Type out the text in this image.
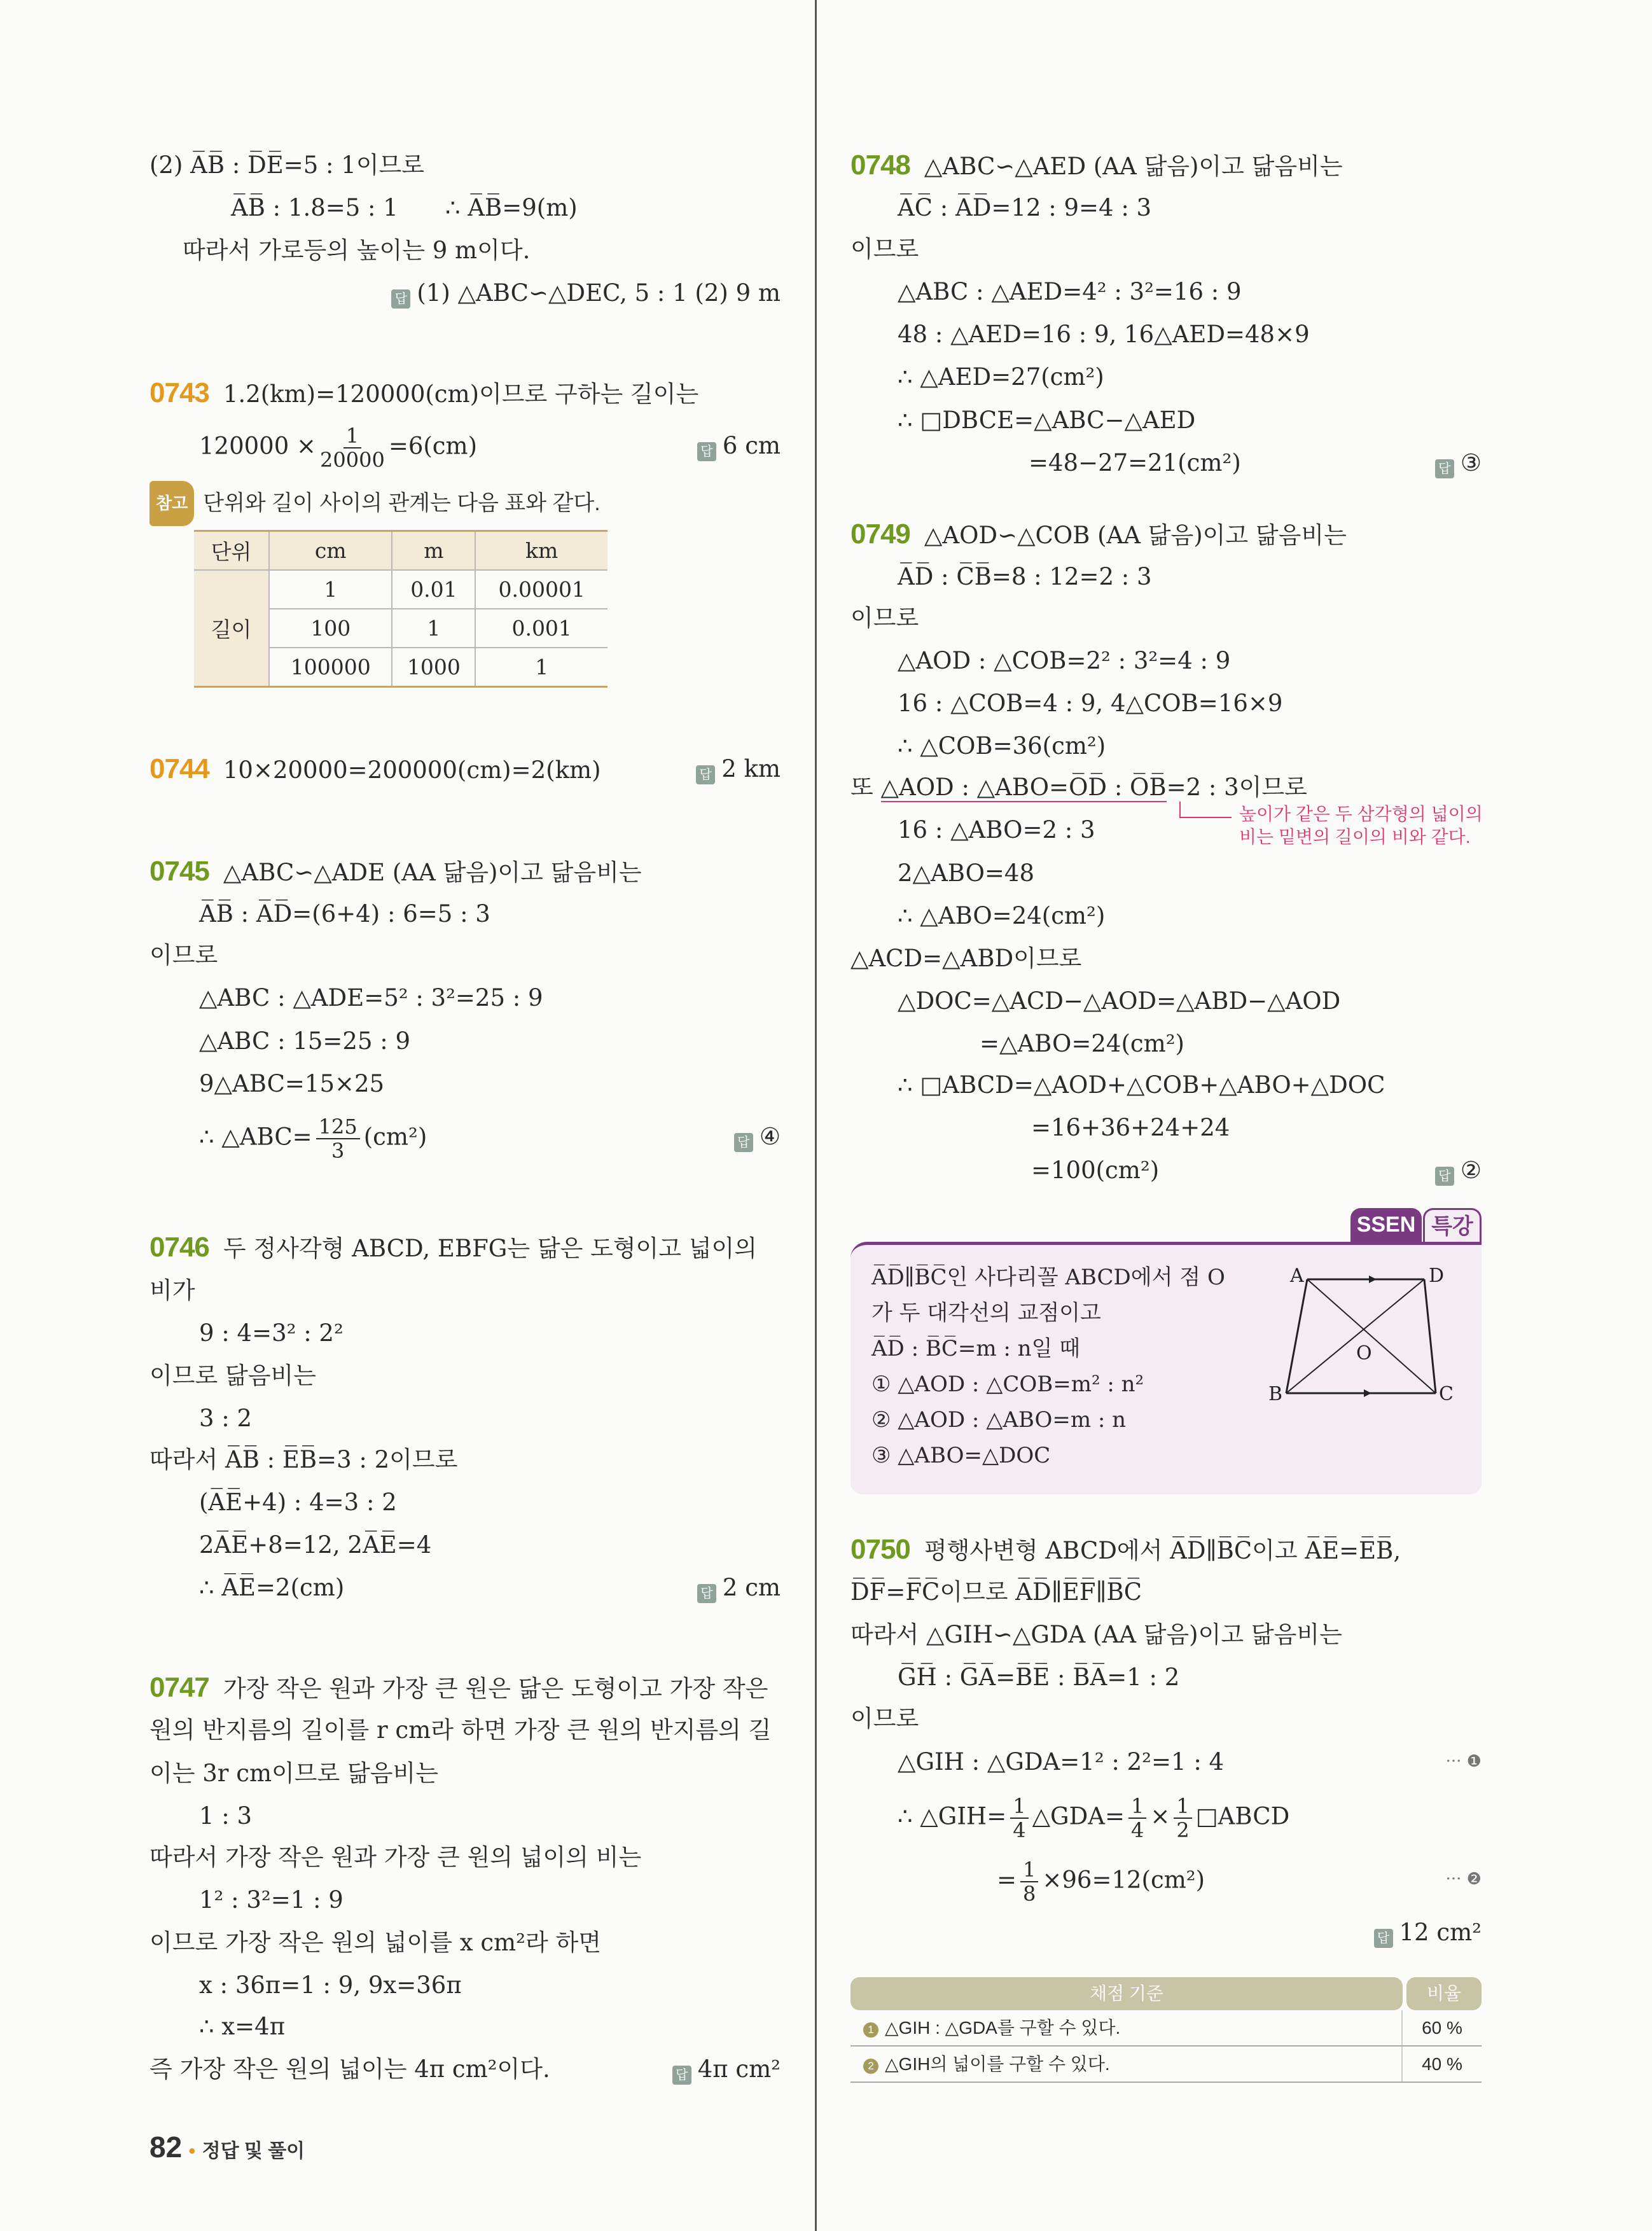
(2) A̅B̅ : D̅E̅=5 : 1이므로
A̅B̅ : 1.8=5 : 1 ∴ A̅B̅=9(m)
따라서 가로등의 높이는 9 m이다.
답 (1) △ABC∽△DEC, 5 : 1 (2) 9 m
0743 1.2(km)=120000(cm)이므로 구하는 길이는
$120000 \times \frac{1}{20000} =6(cm)$	답 6 cm
참고 단위와 길이 사이의 관계는 다음 표와 같다.
단위	cm	m	km
길이	1	0.01	0.00001
	100	1	0.001
	100000	1000	1
0744 10×20000=200000(cm)=2(km)	답 2 km
0745 △ABC∽△ADE (AA 닮음)이고 닮음비는
A̅B̅ : A̅D̅=(6+4) : 6=5 : 3
이므로
△ABC : △ADE=5² : 3²=25 : 9
△ABC : 15=25 : 9
9△ABC=15×25
∴ △ABC= $\frac{125}{3} (cm^2)$	답 ④
0746 두 정사각형 ABCD, EBFG는 닮은 도형이고 넓이의
비가
9 : 4=3² : 2²
이므로 닮음비는
3 : 2
따라서 A̅B̅ : E̅B̅=3 : 2이므로
(A̅E̅+4) : 4=3 : 2
2A̅E̅+8=12, 2A̅E̅=4
∴ A̅E̅=2(cm)	답 2 cm
0747 가장 작은 원과 가장 큰 원은 닮은 도형이고 가장 작은
원의 반지름의 길이를 r cm라 하면 가장 큰 원의 반지름의 길
이는 3r cm이므로 닮음비는
1 : 3
따라서 가장 작은 원과 가장 큰 원의 넓이의 비는
1² : 3²=1 : 9
이므로 가장 작은 원의 넓이를 x cm²라 하면
x : 36π=1 : 9, 9x=36π
∴ x=4π
즉 가장 작은 원의 넓이는 4π cm²이다.	답 4π cm²
82 • 정답 및 풀이
0748 △ABC∽△AED (AA 닮음)이고 닮음비는
A̅C̅ : A̅D̅=12 : 9=4 : 3
이므로
△ABC : △AED=4² : 3²=16 : 9
48 : △AED=16 : 9, 16△AED=48×9
∴ △AED=27(cm²)
∴ □DBCE=△ABC−△AED
=48−27=21(cm²)	답 ③
0749 △AOD∽△COB (AA 닮음)이고 닮음비는
A̅D̅ : C̅B̅=8 : 12=2 : 3
이므로
△AOD : △COB=2² : 3²=4 : 9
16 : △COB=4 : 9, 4△COB=16×9
∴ △COB=36(cm²)
또 △AOD : △ABO=O̅D̅ : O̅B̅=2 : 3이므로
높이가 같은 두 삼각형의 넓이의
비는 밑변의 길이의 비와 같다.
16 : △ABO=2 : 3
2△ABO=48
∴ △ABO=24(cm²)
△ACD=△ABD이므로
△DOC=△ACD−△AOD=△ABD−△AOD
=△ABO=24(cm²)
∴ □ABCD=△AOD+△COB+△ABO+△DOC
=16+36+24+24
=100(cm²)	답 ②
SSEN 특강
A̅D̅∥B̅C̅인 사다리꼴 ABCD에서 점 O
가 두 대각선의 교점이고
A̅D̅ : B̅C̅=m : n일 때
① △AOD : △COB=m² : n²
② △AOD : △ABO=m : n
③ △ABO=△DOC
A	D
B	C
O
0750 평행사변형 ABCD에서 A̅D̅∥B̅C̅이고 A̅E̅=E̅B̅,
D̅F̅=F̅C̅이므로 A̅D̅∥E̅F̅∥B̅C̅
따라서 △GIH∽△GDA (AA 닮음)이고 닮음비는
G̅H̅ : G̅A̅=B̅E̅ : B̅A̅=1 : 2
이므로
△GIH : △GDA=1² : 2²=1 : 4	··· ❶
∴ △GIH= $\frac{1}{4}$ △GDA= $\frac{1}{4} \times \frac{1}{2}$ □ABCD
= $\frac{1}{8} \times 96=12(cm^2)$	··· ❷
답 12 cm²
채점 기준	비율
1 △GIH : △GDA를 구할 수 있다.	60 %
2 △GIH의 넓이를 구할 수 있다.	40 %
